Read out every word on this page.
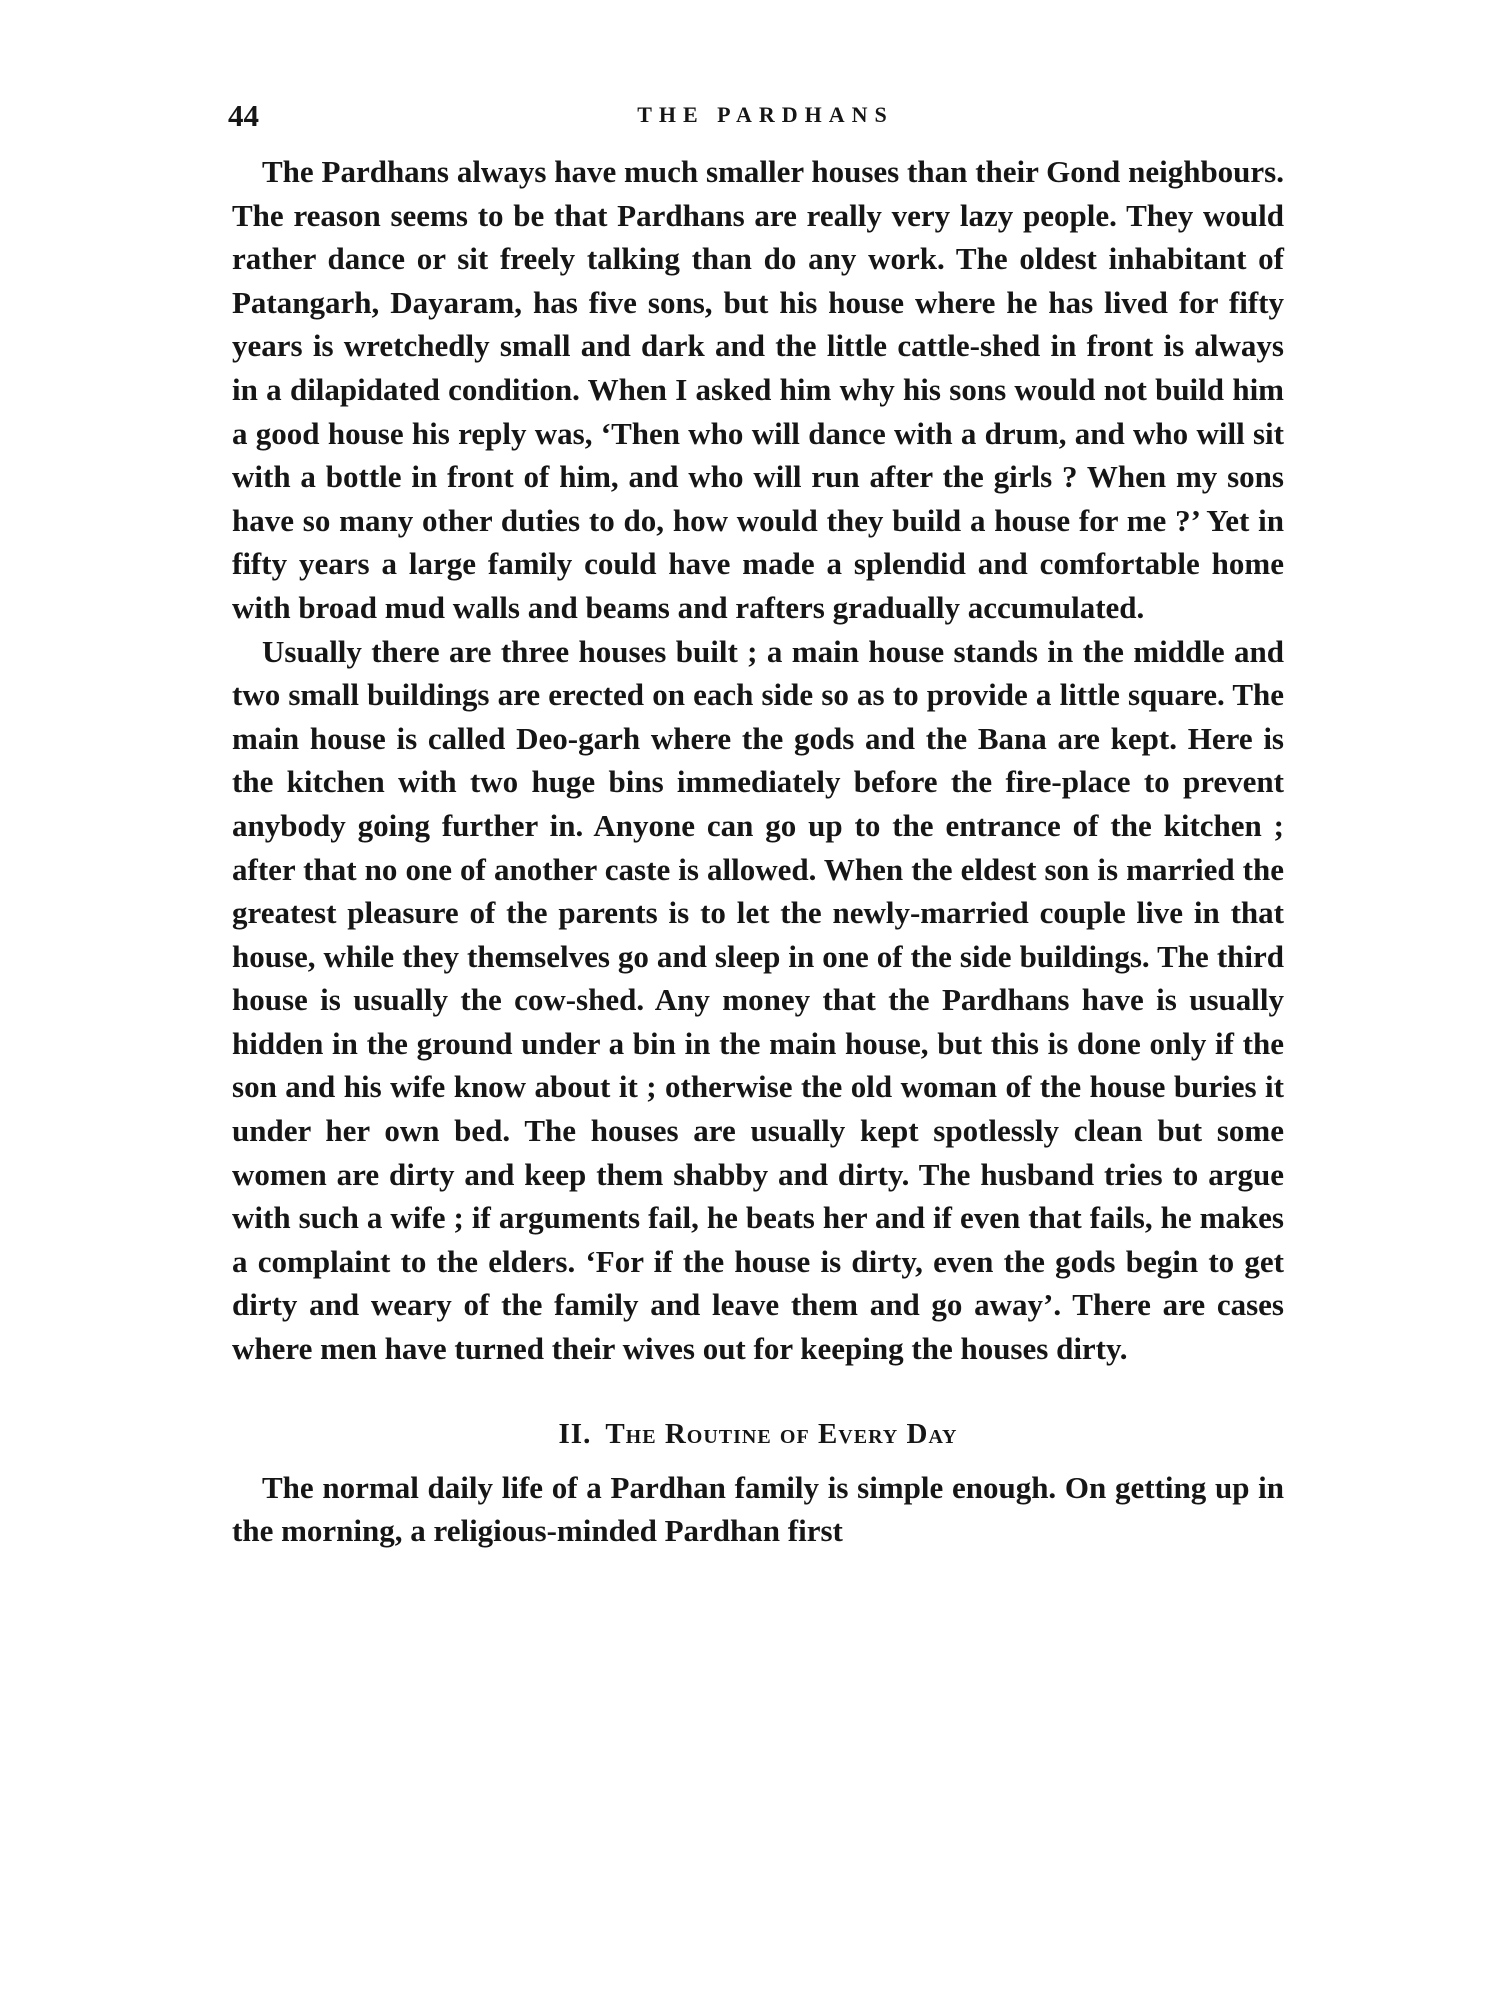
44	THE PARDHANS

The Pardhans always have much smaller houses than their Gond neighbours. The reason seems to be that Pardhans are really very lazy people. They would rather dance or sit freely talking than do any work. The oldest inhabitant of Patangarh, Dayaram, has five sons, but his house where he has lived for fifty years is wretchedly small and dark and the little cattle-shed in front is always in a dilapidated condition. When I asked him why his sons would not build him a good house his reply was, ‘Then who will dance with a drum, and who will sit with a bottle in front of him, and who will run after the girls ? When my sons have so many other duties to do, how would they build a house for me ?’ Yet in fifty years a large family could have made a splendid and comfortable home with broad mud walls and beams and rafters gradually accumulated.

Usually there are three houses built ; a main house stands in the middle and two small buildings are erected on each side so as to provide a little square. The main house is called Deo-garh where the gods and the Bana are kept. Here is the kitchen with two huge bins immediately before the fire-place to prevent anybody going further in. Anyone can go up to the entrance of the kitchen ; after that no one of another caste is allowed. When the eldest son is married the greatest pleasure of the parents is to let the newly-married couple live in that house, while they themselves go and sleep in one of the side buildings. The third house is usually the cow-shed. Any money that the Pardhans have is usually hidden in the ground under a bin in the main house, but this is done only if the son and his wife know about it ; otherwise the old woman of the house buries it under her own bed. The houses are usually kept spotlessly clean but some women are dirty and keep them shabby and dirty. The husband tries to argue with such a wife ; if arguments fail, he beats her and if even that fails, he makes a complaint to the elders. ‘For if the house is dirty, even the gods begin to get dirty and weary of the family and leave them and go away’. There are cases where men have turned their wives out for keeping the houses dirty.

II. The Routine of Every Day

The normal daily life of a Pardhan family is simple enough. On getting up in the morning, a religious-minded Pardhan first
